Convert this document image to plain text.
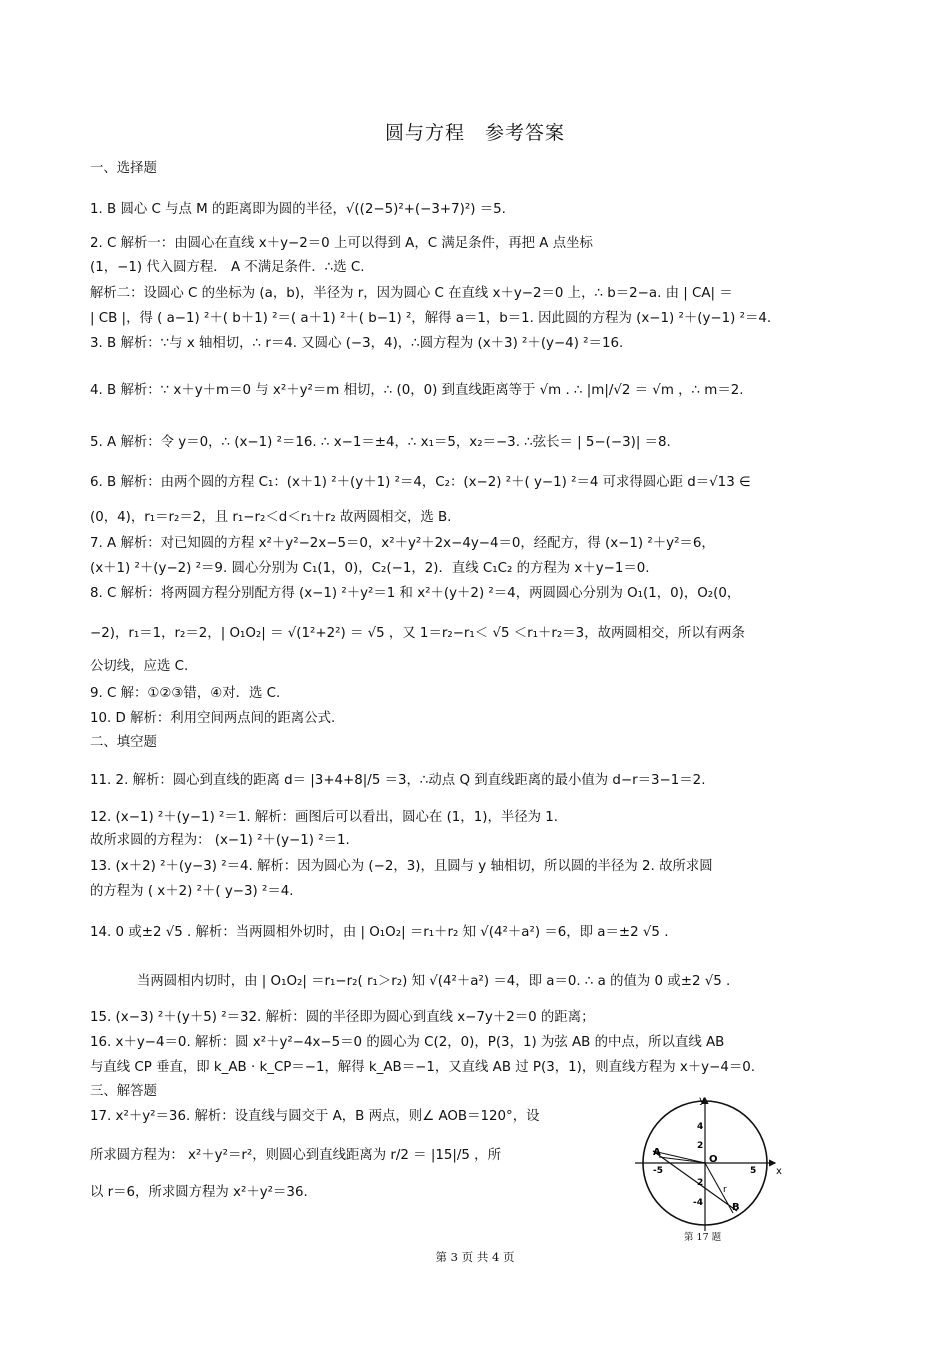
圆与方程　参考答案
一、选择题
1. B 圆心 C 与点 M 的距离即为圆的半径，√((2−5)²+(−3+7)²) ＝5.
2. C 解析一：由圆心在直线 x＋y−2＝0 上可以得到 A，C 满足条件，再把 A 点坐标
(1，−1) 代入圆方程． A 不满足条件．∴选 C.
解析二：设圆心 C 的坐标为 (a，b)，半径为 r，因为圆心 C 在直线 x＋y−2＝0 上，∴ b＝2−a. 由 | CA| ＝
| CB |，得 ( a−1) ²＋( b＋1) ²＝( a＋1) ²＋( b−1) ²，解得 a＝1，b＝1. 因此圆的方程为 (x−1) ²＋(y−1) ²＝4.
3. B 解析：∵与 x 轴相切，∴ r＝4. 又圆心 (−3，4)，∴圆方程为 (x＋3) ²＋(y−4) ²＝16.
4. B 解析：∵ x＋y＋m＝0 与 x²＋y²＝m 相切，∴ (0，0) 到直线距离等于 √m . ∴ |m|/√2 ＝ √m ，∴ m＝2.
5. A 解析：令 y＝0，∴ (x−1) ²＝16. ∴ x−1＝±4，∴ x₁＝5，x₂＝−3. ∴弦长＝ | 5−(−3)| ＝8.
6. B 解析：由两个圆的方程 C₁：(x＋1) ²＋(y＋1) ²＝4，C₂：(x−2) ²＋( y−1) ²＝4 可求得圆心距 d＝√13 ∈
(0，4)，r₁＝r₂＝2，且 r₁−r₂＜d＜r₁＋r₂ 故两圆相交，选 B.
7. A 解析：对已知圆的方程 x²＋y²−2x−5＝0，x²＋y²＋2x−4y−4＝0，经配方，得 (x−1) ²＋y²＝6，
(x＋1) ²＋(y−2) ²＝9. 圆心分别为 C₁(1，0)，C₂(−1，2)．直线 C₁C₂ 的方程为 x＋y−1＝0.
8. C 解析：将两圆方程分别配方得 (x−1) ²＋y²＝1 和 x²＋(y＋2) ²＝4，两圆圆心分别为 O₁(1，0)，O₂(0，
−2)，r₁＝1，r₂＝2，| O₁O₂| ＝ √(1²+2²) ＝ √5 ，又 1＝r₂−r₁＜ √5 ＜r₁＋r₂＝3，故两圆相交，所以有两条
公切线，应选 C.
9. C 解：①②③错，④对．选 C.
10. D 解析：利用空间两点间的距离公式.
二、填空题
11. 2. 解析：圆心到直线的距离 d＝ |3+4+8|/5 ＝3，∴动点 Q 到直线距离的最小值为 d−r＝3−1＝2.
12. (x−1) ²＋(y−1) ²＝1. 解析：画图后可以看出，圆心在 (1，1)，半径为 1.
故所求圆的方程为： (x−1) ²＋(y−1) ²＝1.
13. (x＋2) ²＋(y−3) ²＝4. 解析：因为圆心为 (−2，3)，且圆与 y 轴相切，所以圆的半径为 2. 故所求圆
的方程为 ( x＋2) ²＋( y−3) ²＝4.
14. 0 或±2 √5 . 解析：当两圆相外切时，由 | O₁O₂| ＝r₁＋r₂ 知 √(4²＋a²) ＝6，即 a＝±2 √5 .
当两圆相内切时，由 | O₁O₂| ＝r₁−r₂( r₁＞r₂) 知 √(4²＋a²) ＝4，即 a＝0. ∴ a 的值为 0 或±2 √5 .
15. (x−3) ²＋(y＋5) ²＝32. 解析：圆的半径即为圆心到直线 x−7y＋2＝0 的距离；
16. x＋y−4＝0. 解析：圆 x²＋y²−4x−5＝0 的圆心为 C(2，0)，P(3，1) 为弦 AB 的中点，所以直线 AB
与直线 CP 垂直，即 k_AB · k_CP＝−1，解得 k_AB＝−1，又直线 AB 过 P(3，1)，则直线方程为 x＋y−4＝0.
三、解答题
17. x²＋y²＝36. 解析：设直线与圆交于 A，B 两点，则∠ AOB＝120°，设
所求圆方程为： x²＋y²＝r²，则圆心到直线距离为 r/2 ＝ |15|/5 ，所
以 r＝6，所求圆方程为 x²＋y²＝36.
x
y
O
A
B
r
4
2
-5	5
2
-4
第 17 题
第 3 页 共 4 页
